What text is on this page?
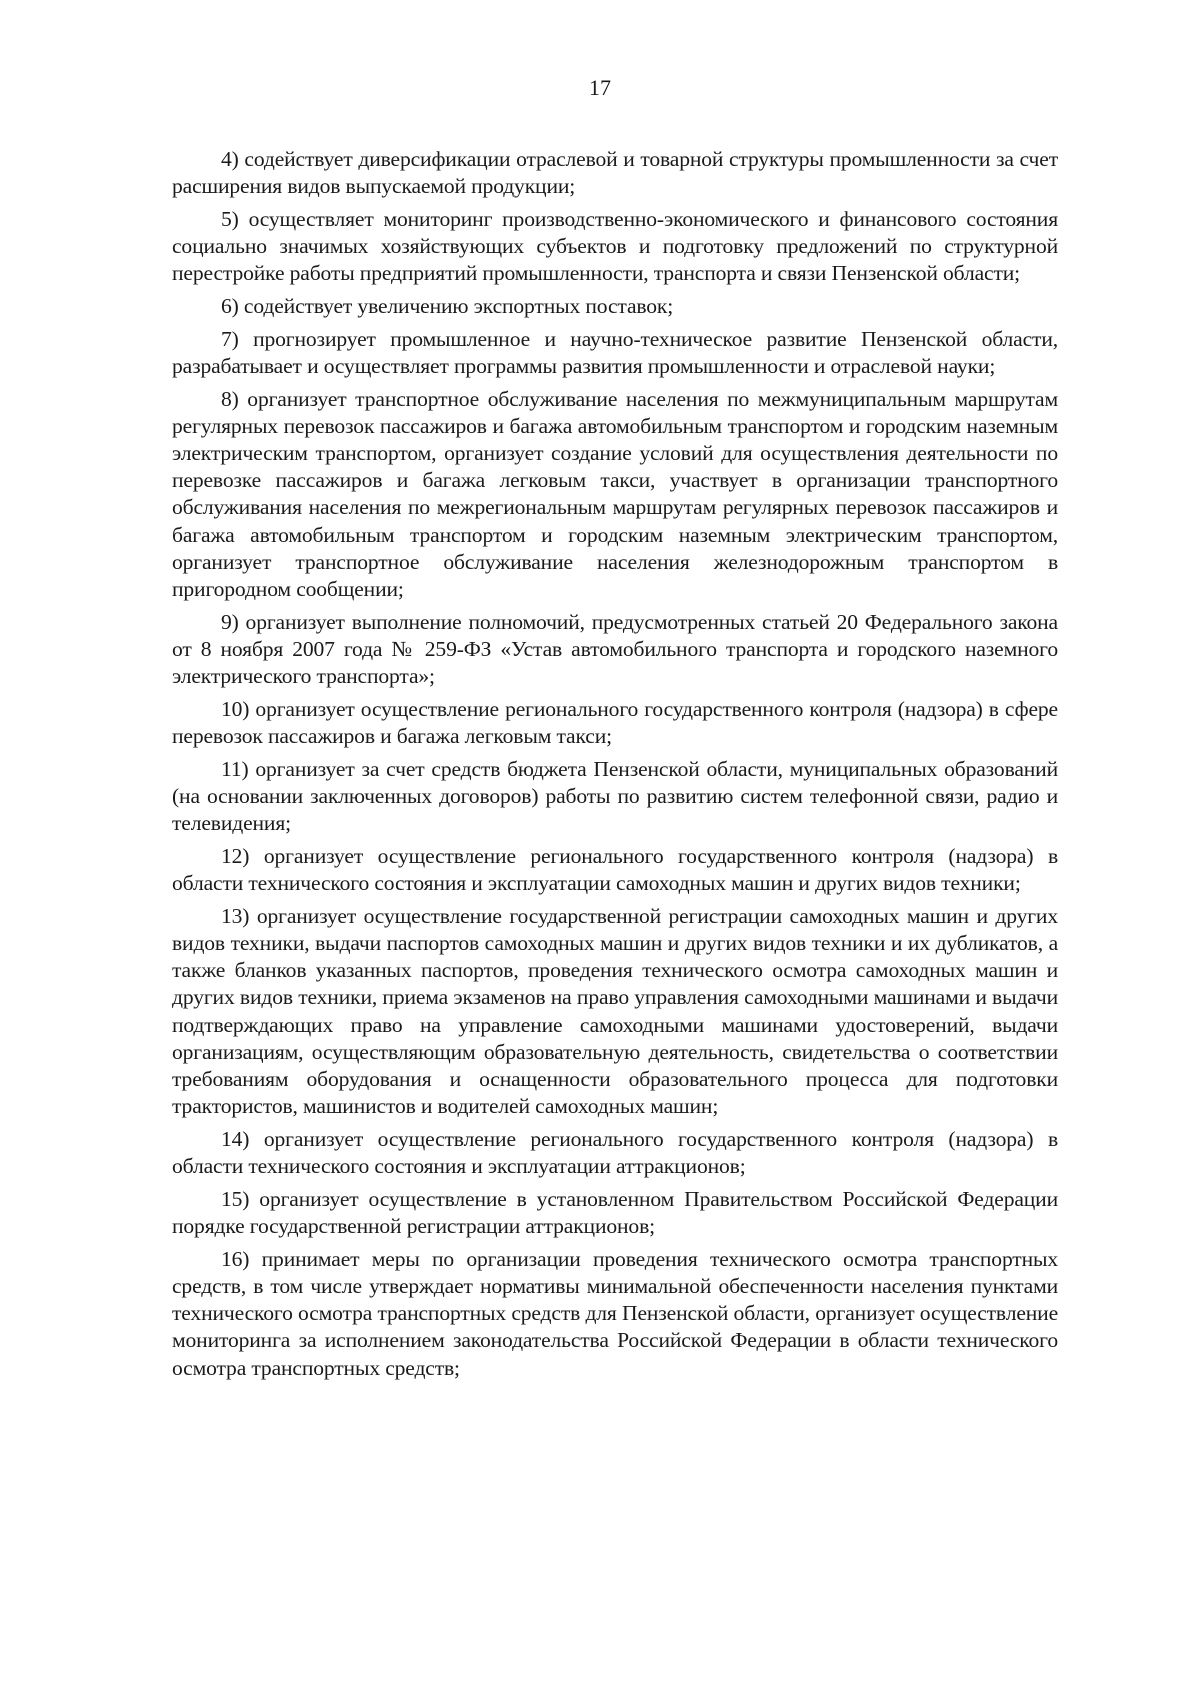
17

4) содействует диверсификации отраслевой и товарной структуры промышленности за счет расширения видов выпускаемой продукции;

5) осуществляет мониторинг производственно-экономического и финансового состояния социально значимых хозяйствующих субъектов и подготовку предложений по структурной перестройке работы предприятий промышленности, транспорта и связи Пензенской области;

6) содействует увеличению экспортных поставок;

7) прогнозирует промышленное и научно-техническое развитие Пензенской области, разрабатывает и осуществляет программы развития промышленности и отраслевой науки;

8) организует транспортное обслуживание населения по межмуниципальным маршрутам регулярных перевозок пассажиров и багажа автомобильным транспортом и городским наземным электрическим транспортом, организует создание условий для осуществления деятельности по перевозке пассажиров и багажа легковым такси, участвует в организации транспортного обслуживания населения по межрегиональным маршрутам регулярных перевозок пассажиров и багажа автомобильным транспортом и городским наземным электрическим транспортом, организует транспортное обслуживание населения железнодорожным транспортом в пригородном сообщении;

9) организует выполнение полномочий, предусмотренных статьей 20 Федерального закона от 8 ноября 2007 года № 259-ФЗ «Устав автомобильного транспорта и городского наземного электрического транспорта»;

10) организует осуществление регионального государственного контроля (надзора) в сфере перевозок пассажиров и багажа легковым такси;

11) организует за счет средств бюджета Пензенской области, муниципальных образований (на основании заключенных договоров) работы по развитию систем телефонной связи, радио и телевидения;

12) организует осуществление регионального государственного контроля (надзора) в области технического состояния и эксплуатации самоходных машин и других видов техники;

13) организует осуществление государственной регистрации самоходных машин и других видов техники, выдачи паспортов самоходных машин и других видов техники и их дубликатов, а также бланков указанных паспортов, проведения технического осмотра самоходных машин и других видов техники, приема экзаменов на право управления самоходными машинами и выдачи подтверждающих право на управление самоходными машинами удостоверений, выдачи организациям, осуществляющим образовательную деятельность, свидетельства о соответствии требованиям оборудования и оснащенности образовательного процесса для подготовки трактористов, машинистов и водителей самоходных машин;

14) организует осуществление регионального государственного контроля (надзора) в области технического состояния и эксплуатации аттракционов;

15) организует осуществление в установленном Правительством Российской Федерации порядке государственной регистрации аттракционов;

16) принимает меры по организации проведения технического осмотра транспортных средств, в том числе утверждает нормативы минимальной обеспеченности населения пунктами технического осмотра транспортных средств для Пензенской области, организует осуществление мониторинга за исполнением законодательства Российской Федерации в области технического осмотра транспортных средств;
